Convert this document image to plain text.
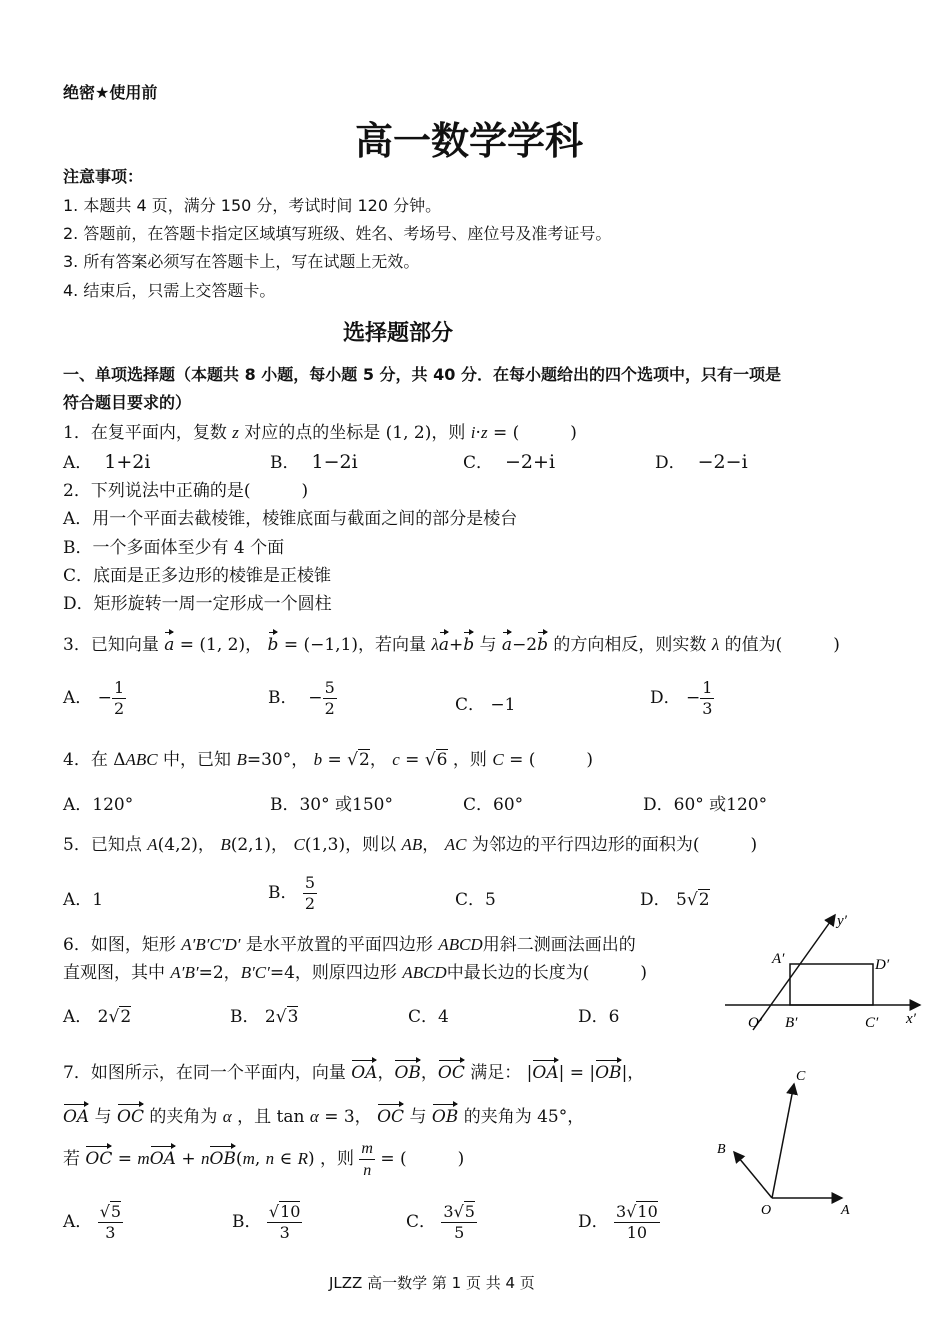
绝密★使用前
高一数学学科
注意事项：
1. 本题共 4 页，满分 150 分，考试时间 120 分钟。
2. 答题前，在答题卡指定区域填写班级、姓名、考场号、座位号及准考证号。
3. 所有答案必须写在答题卡上，写在试题上无效。
4. 结束后，只需上交答题卡。
选择题部分
一、单项选择题（本题共 8 小题，每小题 5 分，共 40 分．在每小题给出的四个选项中，只有一项是
符合题目要求的）
1．在复平面内，复数 z 对应的点的坐标是 (1, 2)，则 i·z = (　　　)
A． 1+2i	B． 1−2i	C． −2+i	D． −2−i
2．下列说法中正确的是(　　　)
A．用一个平面去截棱锥，棱锥底面与截面之间的部分是棱台
B．一个多面体至少有 4 个面
C．底面是正多边形的棱锥是正棱锥
D．矩形旋转一周一定形成一个圆柱
3．已知向量 a = (1, 2)， b = (−1,1)，若向量 λa+b 与 a−2b 的方向相反，则实数 λ 的值为(　　　)
A． − $\frac{1}{2}$	B．  − $\frac{5}{2}$	C． −1	D． − $\frac{1}{3}$
4．在 ΔABC 中，已知 B=30°， b = √2， c = √6 ，则 C = (　　　)
A．120°	B．30° 或150°	C．60°	D．60° 或120°
5．已知点 A(4,2)， B(2,1)， C(1,3)，则以 AB， AC 为邻边的平行四边形的面积为(　　　)
A．1	B． $\frac{5}{2}$	C．5	D． 5√2
6．如图，矩形 A′B′C′D′ 是水平放置的平面四边形 ABCD用斜二测画法画出的
直观图，其中 A′B′=2，B′C′=4，则原四边形 ABCD中最长边的长度为(　　　)
A． 2√2	B． 2√3	C．4	D．6
y′
A′	D′
O′ B′	C′ x′
7．如图所示，在同一个平面内，向量 OA，OB，OC 满足： |OA| = |OB|，
OA 与 OC 的夹角为 α ，且 tan α = 3， OC 与 OB 的夹角为 45°，
若 OC = mOA + nOB(m, n ∈ R) ，则 $\frac{m}{n}$ = (　　　)
A． $\frac{√5}{3}$	B． $\frac{√10}{3}$	C． $\frac{3√5}{5}$	D． $\frac{3√10}{10}$
C
B
O	A
JLZZ 高一数学 第 1 页 共 4 页
